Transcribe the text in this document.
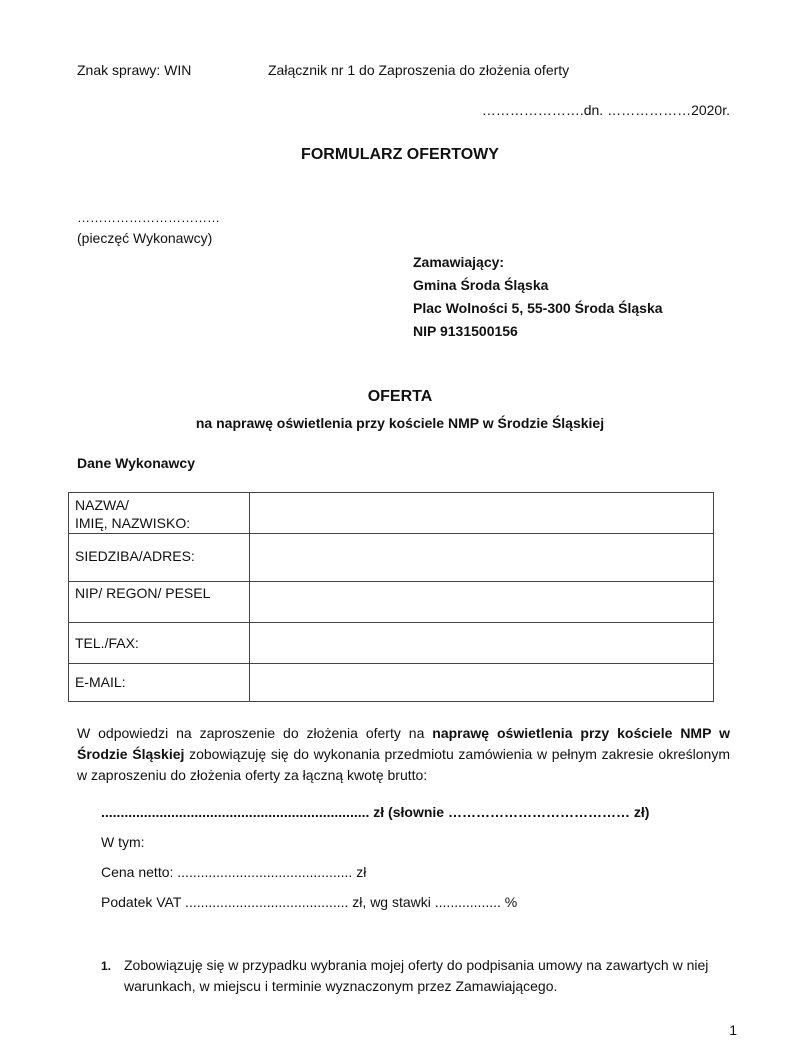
Znak sprawy: WIN	Załącznik nr 1 do Zaproszenia do złożenia oferty
………………….dn. ………………2020r.
FORMULARZ OFERTOWY
……………………………
(pieczęć Wykonawcy)
Zamawiający:
Gmina Środa Śląska
Plac Wolności 5, 55-300 Środa Śląska
NIP 9131500156
OFERTA
na naprawę oświetlenia przy kościele NMP w Środzie Śląskiej
Dane Wykonawcy
NAZWA/
IMIĘ, NAZWISKO:	

SIEDZIBA/ADRES:	

NIP/ REGON/ PESEL	

TEL./FAX:	

E-MAIL:	

W odpowiedzi na zaproszenie do złożenia oferty na naprawę oświetlenia przy kościele NMP w Środzie Śląskiej zobowiązuję się do wykonania przedmiotu zamówienia w pełnym zakresie określonym w zaproszeniu do złożenia oferty za łączną kwotę brutto:
..................................................................... zł (słownie ………………………………… zł)
W tym:
Cena netto: ............................................. zł
Podatek VAT .......................................... zł, wg stawki ................. %
1. Zobowiązuję się w przypadku wybrania mojej oferty do podpisania umowy na zawartych w niej warunkach, w miejscu i terminie wyznaczonym przez Zamawiającego.
1
